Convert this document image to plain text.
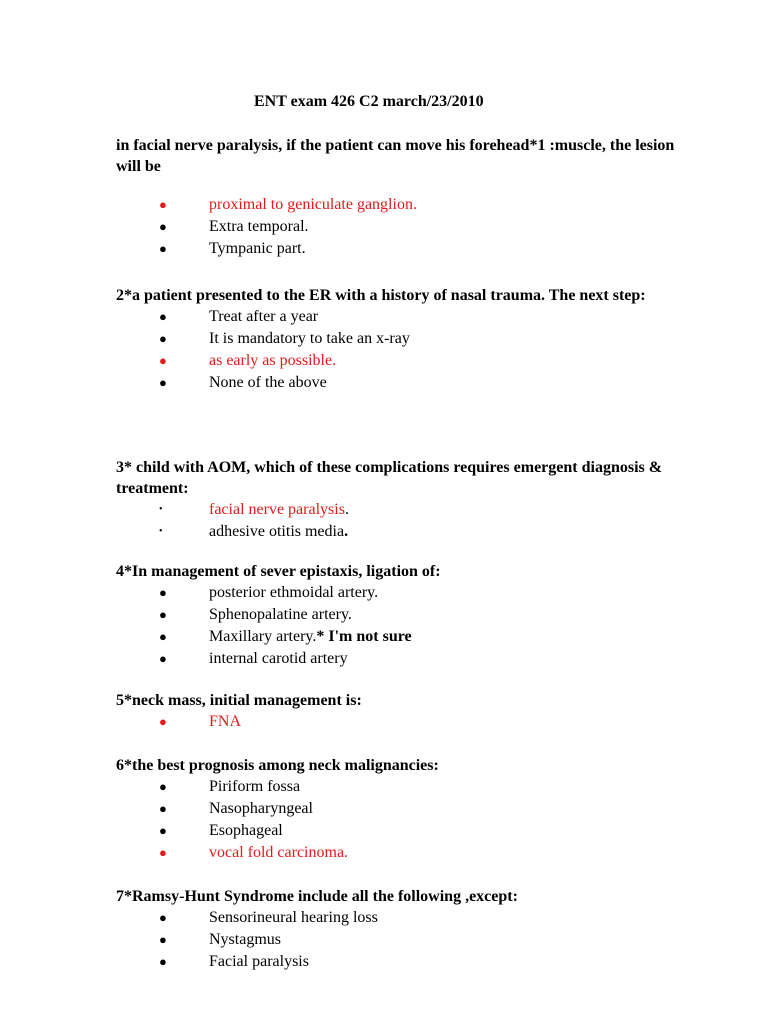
ENT exam 426 C2 march/23/2010

in facial nerve paralysis, if the patient can move his forehead*1 :muscle, the lesion will be

●	proximal to geniculate ganglion.
●	Extra temporal.
●	Tympanic part.

2*a patient presented to the ER with a history of nasal trauma. The next step:

●	Treat after a year
●	It is mandatory to take an x-ray
●	as early as possible.
●	None of the above

3* child with AOM, which of these complications requires emergent diagnosis & treatment:

•	facial nerve paralysis.
•	adhesive otitis media.

4*In management of sever epistaxis, ligation of:

●	posterior ethmoidal artery.
●	Sphenopalatine artery.
●	Maxillary artery.* I'm not sure
●	internal carotid artery

5*neck mass, initial management is:

●	FNA

6*the best prognosis among neck malignancies:

●	Piriform fossa
●	Nasopharyngeal
●	Esophageal
●	vocal fold carcinoma.

7*Ramsy-Hunt Syndrome include all the following ,except:

●	Sensorineural hearing loss
●	Nystagmus
●	Facial paralysis
